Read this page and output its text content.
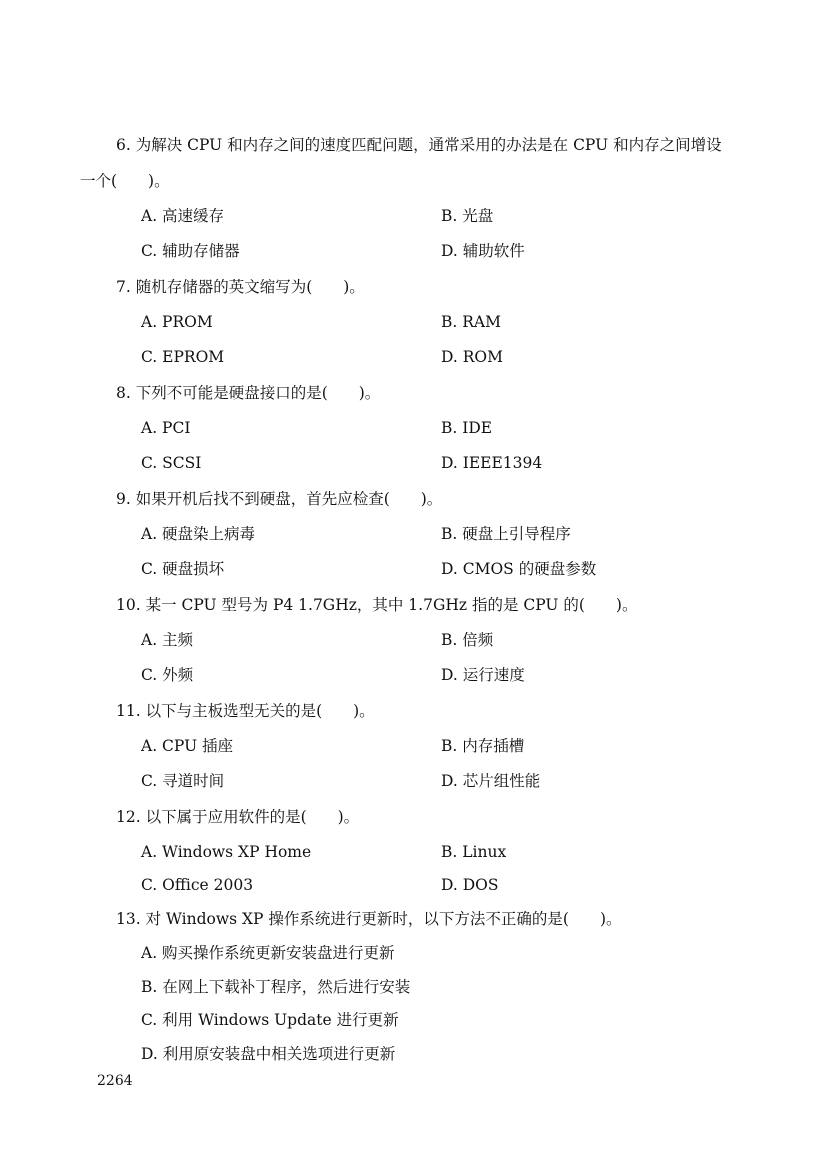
6. 为解决 CPU 和内存之间的速度匹配问题，通常采用的办法是在 CPU 和内存之间增设
一个(　　)。
A. 高速缓存	B. 光盘
C. 辅助存储器	D. 辅助软件
7. 随机存储器的英文缩写为(　　)。
A. PROM	B. RAM
C. EPROM	D. ROM
8. 下列不可能是硬盘接口的是(　　)。
A. PCI	B. IDE
C. SCSI	D. IEEE1394
9. 如果开机后找不到硬盘，首先应检查(　　)。
A. 硬盘染上病毒	B. 硬盘上引导程序
C. 硬盘损坏	D. CMOS 的硬盘参数
10. 某一 CPU 型号为 P4 1.7GHz，其中 1.7GHz 指的是 CPU 的(　　)。
A. 主频	B. 倍频
C. 外频	D. 运行速度
11. 以下与主板选型无关的是(　　)。
A. CPU 插座	B. 内存插槽
C. 寻道时间	D. 芯片组性能
12. 以下属于应用软件的是(　　)。
A. Windows XP Home	B. Linux
C. Office 2003	D. DOS
13. 对 Windows XP 操作系统进行更新时，以下方法不正确的是(　　)。
A. 购买操作系统更新安装盘进行更新
B. 在网上下载补丁程序，然后进行安装
C. 利用 Windows Update 进行更新
D. 利用原安装盘中相关选项进行更新
2264
